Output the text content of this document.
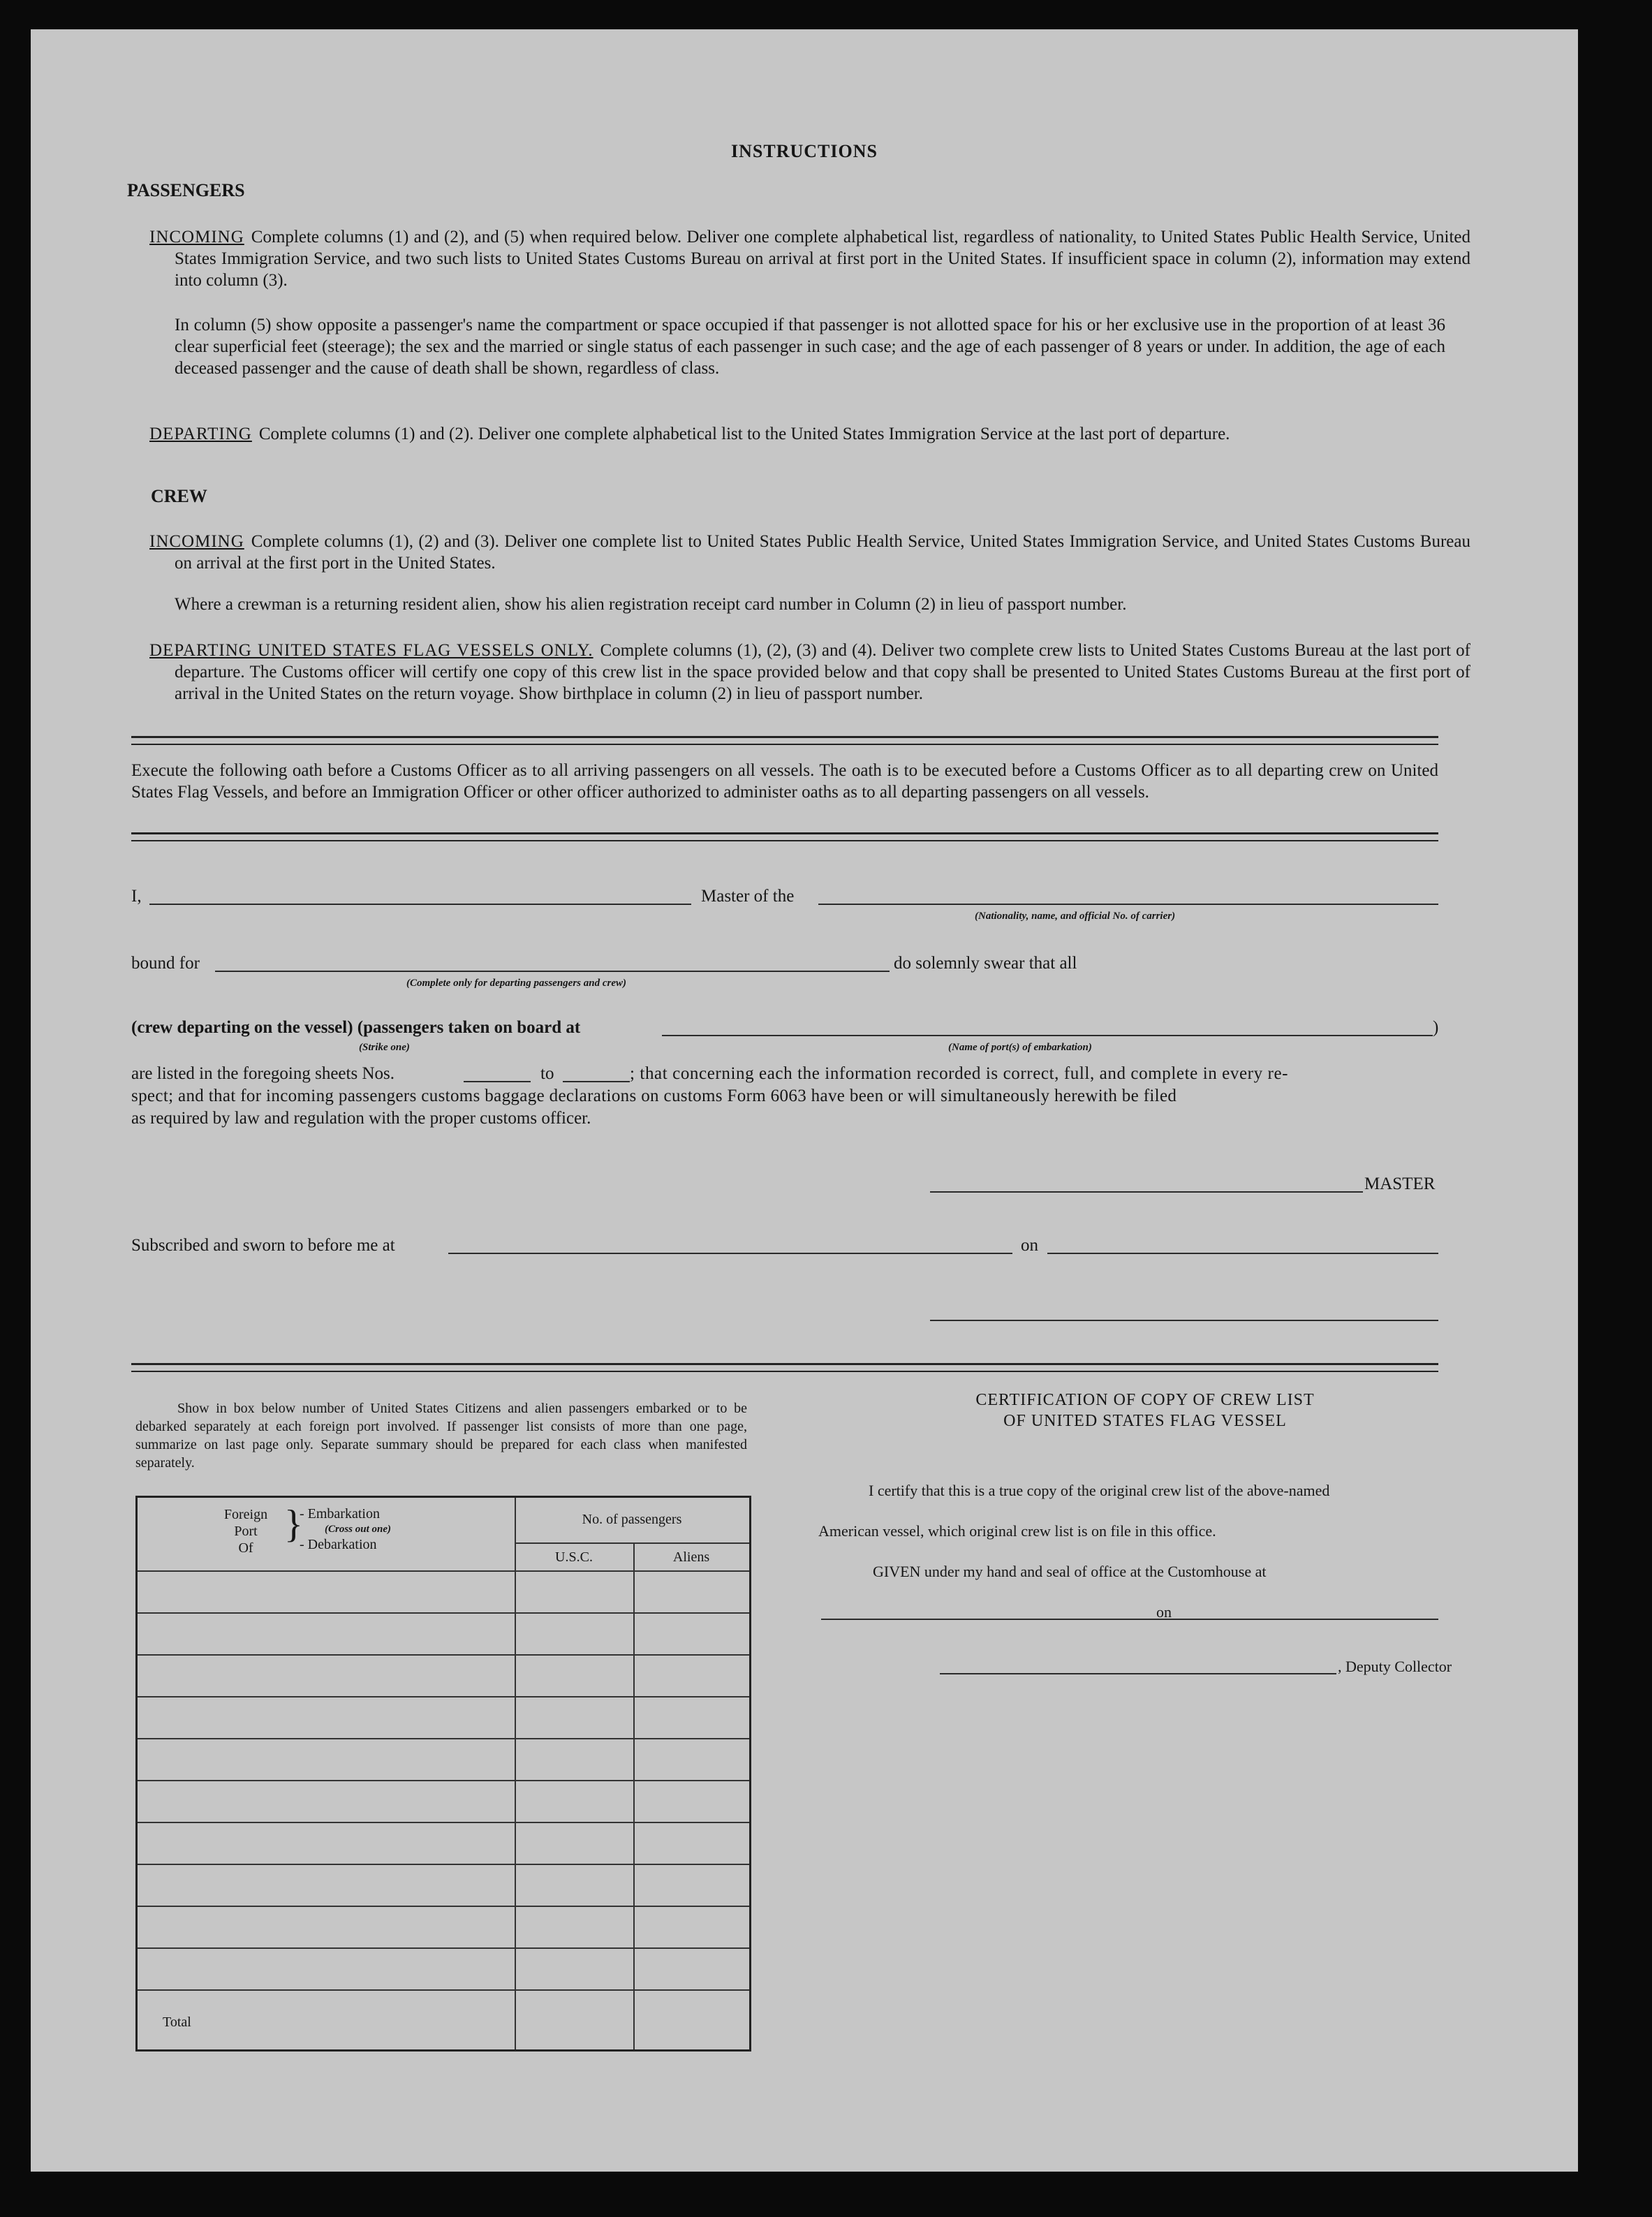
INSTRUCTIONS
PASSENGERS
INCOMING Complete columns (1) and (2), and (5) when required below. Deliver one complete alphabetical list, regardless of nationality, to United States Public Health Service, United States Immigration Service, and two such lists to United States Customs Bureau on arrival at first port in the United States. If insufficient space in column (2), information may extend into column (3).
In column (5) show opposite a passenger's name the compartment or space occupied if that passenger is not allotted space for his or her exclusive use in the proportion of at least 36 clear superficial feet (steerage); the sex and the married or single status of each passenger in such case; and the age of each passenger of 8 years or under. In addition, the age of each deceased passenger and the cause of death shall be shown, regardless of class.
DEPARTING Complete columns (1) and (2). Deliver one complete alphabetical list to the United States Immigration Service at the last port of departure.
CREW
INCOMING Complete columns (1), (2) and (3). Deliver one complete list to United States Public Health Service, United States Immigration Service, and United States Customs Bureau on arrival at the first port in the United States.
Where a crewman is a returning resident alien, show his alien registration receipt card number in Column (2) in lieu of passport number.
DEPARTING UNITED STATES FLAG VESSELS ONLY. Complete columns (1), (2), (3) and (4). Deliver two complete crew lists to United States Customs Bureau at the last port of departure. The Customs officer will certify one copy of this crew list in the space provided below and that copy shall be presented to United States Customs Bureau at the first port of arrival in the United States on the return voyage. Show birthplace in column (2) in lieu of passport number.
Execute the following oath before a Customs Officer as to all arriving passengers on all vessels. The oath is to be executed before a Customs Officer as to all departing crew on United States Flag Vessels, and before an Immigration Officer or other officer authorized to administer oaths as to all departing passengers on all vessels.
I,	Master of the
(Nationality, name, and official No. of carrier)
bound for
(Complete only for departing passengers and crew)
do solemnly swear that all
(crew departing on the vessel) (passengers taken on board at	)
(Strike one)	(Name of port(s) of embarkation)
are listed in the foregoing sheets Nos.	to	; that concerning each the information recorded is correct, full, and complete in every re-
spect; and that for incoming passengers customs baggage declarations on customs Form 6063 have been or will simultaneously herewith be filed
as required by law and regulation with the proper customs officer.
MASTER
Subscribed and sworn to before me at	on
Show in box below number of United States Citizens and alien passengers embarked or to be debarked separately at each foreign port involved. If passenger list consists of more than one page, summarize on last page only. Separate summary should be prepared for each class when manifested separately.
Foreign
Port
Of
}
- Embarkation
(Cross out one)
- Debarkation
No. of passengers
U.S.C.	Aliens
Total
CERTIFICATION OF COPY OF CREW LIST
OF UNITED STATES FLAG VESSEL
I certify that this is a true copy of the original crew list of the above-named
American vessel, which original crew list is on file in this office.
GIVEN under my hand and seal of office at the Customhouse at
on
, Deputy Collector
